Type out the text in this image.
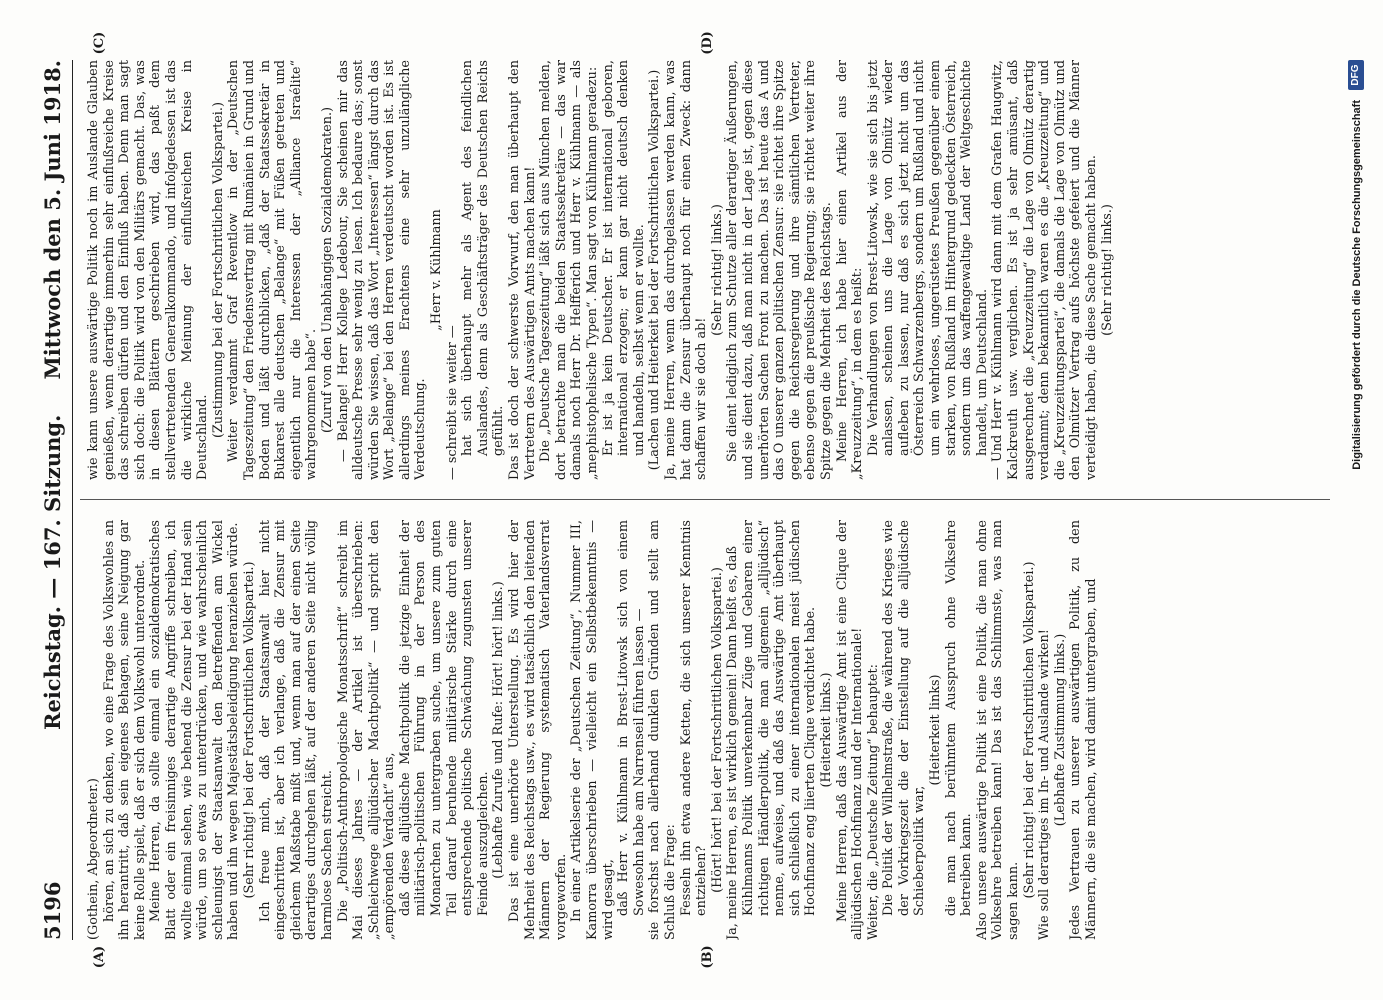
5196
Reichstag. — 167. Sitzung.
Mittwoch den 5. Juni 1918.
(A)	(B)
(C)	(D)

(Gothein, Abgeordneter.) hören, an sich zu denken, wo eine Frage des Volkswohles an ihn herantritt, daß sein eigenes Behagen, seine Neigung gar keine Rolle spielt, daß er sich dem Volkswohl unterordnet. Meine Herren, da sollte einmal ein sozialdemokratisches Blatt oder ein freisinniges derartige Angriffe schreiben, ich wollte einmal sehen, wie behend die Zensur bei der Hand sein würde, um so etwas zu unterdrücken, und wie wahrscheinlich schleunigst der Staatsanwalt den Betreffenden am Wickel haben und ihn wegen Majestätsbeleidigung heranziehen würde. (Sehr richtig! bei der Fortschrittlichen Volkspartei.) Ich freue mich, daß der Staatsanwalt hier nicht eingeschritten ist, aber ich verlange, daß die Zensur mit gleichem Maßstabe mißt und, wenn man auf der einen Seite derartiges durchgehen läßt, auf der anderen Seite nicht völlig harmlose Sachen streicht. Die „Politisch-Anthropologische Monatsschrift“ schreibt im Mai dieses Jahres — der Artikel ist überschrieben: „Schleichwege alljüdischer Machtpolitik“ — und spricht den „empörenden Verdacht“ aus, daß diese alljüdische Machtpolitik die jetzige Einheit der militärisch-politischen Führung in der Person des Monarchen zu untergraben suche, um unsere zum guten Teil darauf beruhende militärische Stärke durch eine entsprechende politische Schwächung zugunsten unserer Feinde auszugleichen. (Lebhafte Zurufe und Rufe: Hört! hört! links.) Das ist eine unerhörte Unterstellung. Es wird hier der Mehrheit des Reichstags usw., es wird tatsächlich den leitenden Männern der Regierung systematisch Vaterlandsverrat vorgeworfen. In einer Artikelserie der „Deutschen Zeitung“, Nummer III, Kamorra überschrieben — vielleicht ein Selbstbekenntnis — wird gesagt, daß Herr v. Kühlmann in Brest-Litowsk sich von einem Sowesohn habe am Narrenseil führen lassen — sie forschst nach allerhand dunklen Gründen und stellt am Schluß die Frage: Fesseln ihn etwa andere Ketten, die sich unserer Kenntnis entziehen? (Hört! hört! bei der Fortschrittlichen Volkspartei.) Ja, meine Herren, es ist wirklich gemein! Dann heißt es, daß Kühlmanns Politik unverkennbar Züge und Gebaren einer richtigen Händlerpolitik, die man allgemein „alljüdisch“ nenne, aufweise, und daß das Auswärtige Amt überhaupt sich schließlich zu einer internationalen meist jüdischen Hochfinanz eng liierten Clique verdichtet habe. (Heiterkeit links.) Meine Herren, daß das Auswärtige Amt ist eine Clique der alljüdischen Hochfinanz und der Internationale! Weiter, die „Deutsche Zeitung“ behauptet: Die Politik der Wilhelmstraße, die während des Krieges wie der Vorkriegszeit die der Einstellung auf die alljüdische Schieberpolitik war,

(Heiterkeit links) die man nach berühmtem Ausspruch ohne Volksehre betreiben kann. Also unsere auswärtige Politik ist eine Politik, die man ohne Volksehre betreiben kann! Das ist das Schlimmste, was man sagen kann.

(Sehr richtig! bei der Fortschrittlichen Volkspartei.) Wie soll derartiges im In- und Auslande wirken! (Lebhafte Zustimmung links.) Jedes Vertrauen zu unserer auswärtigen Politik, zu den Männern, die sie machen, wird damit untergraben, und

wie kann unsere auswärtige Politik noch im Auslande Glauben genießen, wenn derartige immerhin sehr einflußreiche Kreise das schreiben dürfen und den Einfluß haben. Denn man sagt sich doch: die Politik wird von den Militärs gemacht. Das, was in diesen Blättern geschrieben wird, das paßt dem stellvertretenden Generalkommando, und infolgedessen ist das die wirkliche Meinung der einflußreichen Kreise in Deutschland. (Zustimmung bei der Fortschrittlichen Volkspartei.) Weiter verdammt Graf Reventlow in der „Deutschen Tageszeitung“ den Friedensvertrag mit Rumänien in Grund und Boden und läßt durchblicken, „daß der Staatssekretär in Bukarest alle deutschen „Belange“ mit Füßen getreten und eigentlich nur die Interessen der „Alliance Israélite“ wahrgenommen habe“. (Zuruf von den Unabhängigen Sozialdemokraten.) — Belange! Herr Kollege Ledebour, Sie scheinen mir das alldeutsche Presse sehr wenig zu lesen. Ich bedaure das; sonst würden Sie wissen, daß das Wort „Interessen“ längst durch das Wort „Belange“ bei den Herren verdeutscht worden ist. Es ist allerdings meines Erachtens eine sehr unzulängliche Verdeutschung.

„Herr v. Kühlmann

— schreibt sie weiter — hat sich überhaupt mehr als Agent des feindlichen Auslandes, denn als Geschäftsträger des Deutschen Reichs gefühlt. Das ist doch der schwerste Vorwurf, den man überhaupt den Vertretern des Auswärtigen Amts machen kann! Die „Deutsche Tageszeitung“ läßt sich aus München melden, dort betrachte man die beiden Staatssekretäre — das war damals noch Herr Dr. Helfferich und Herr v. Kühlmann — als „mephistophelische Typen“. Man sagt von Kühlmann geradezu: Er ist ja kein Deutscher. Er ist international geboren, international erzogen; er kann gar nicht deutsch denken und handeln, selbst wenn er wollte. (Lachen und Heiterkeit bei der Fortschrittlichen Volkspartei.) Ja, meine Herren, wenn das durchgelassen werden kann, was hat dann die Zensur überhaupt noch für einen Zweck: dann schaffen wir sie doch ab!

(Sehr richtig! links.) Sie dient lediglich zum Schutze aller derartiger Äußerungen, und sie dient dazu, daß man nicht in der Lage ist, gegen diese unerhörten Sachen Front zu machen. Das ist heute das A und das O unserer ganzen politischen Zensur: sie richtet ihre Spitze gegen die Reichsregierung und ihre sämtlichen Vertreter, ebenso gegen die preußische Regierung; sie richtet weiter ihre Spitze gegen die Mehrheit des Reichstags. Meine Herren, ich habe hier einen Artikel aus der „Kreuzzeitung“, in dem es heißt: Die Verhandlungen von Brest-Litowsk, wie sie sich bis jetzt anlassen, scheinen uns die Lage von Olmütz wieder aufleben zu lassen, nur daß es sich jetzt nicht um das Österreich Schwarzenbergs, sondern um Rußland und nicht um ein wehrloses, ungerüstetes Preußen gegenüber einem starken, von Rußland im Hintergrund gedeckten Österreich, sondern um das waffengewaltige Land der Weltgeschichte handelt, um Deutschland. — Und Herr v. Kühlmann wird dann mit dem Grafen Haugwitz, Kalckreuth usw. verglichen. Es ist ja sehr amüsant, daß ausgerechnet die „Kreuzzeitung“ die Lage von Olmütz derartig verdammt; denn bekanntlich waren es die „Kreuzzeitung“ und die „Kreuzzeitungspartei“, die damals die Lage von Olmütz und den Olmützer Vertrag aufs höchste gefeiert und die Männer verteidigt haben, die diese Sache gemacht haben. (Sehr richtig! links.)	Digitalisierung gefördert durch die Deutsche Forschungsgemeinschaft
DFG
